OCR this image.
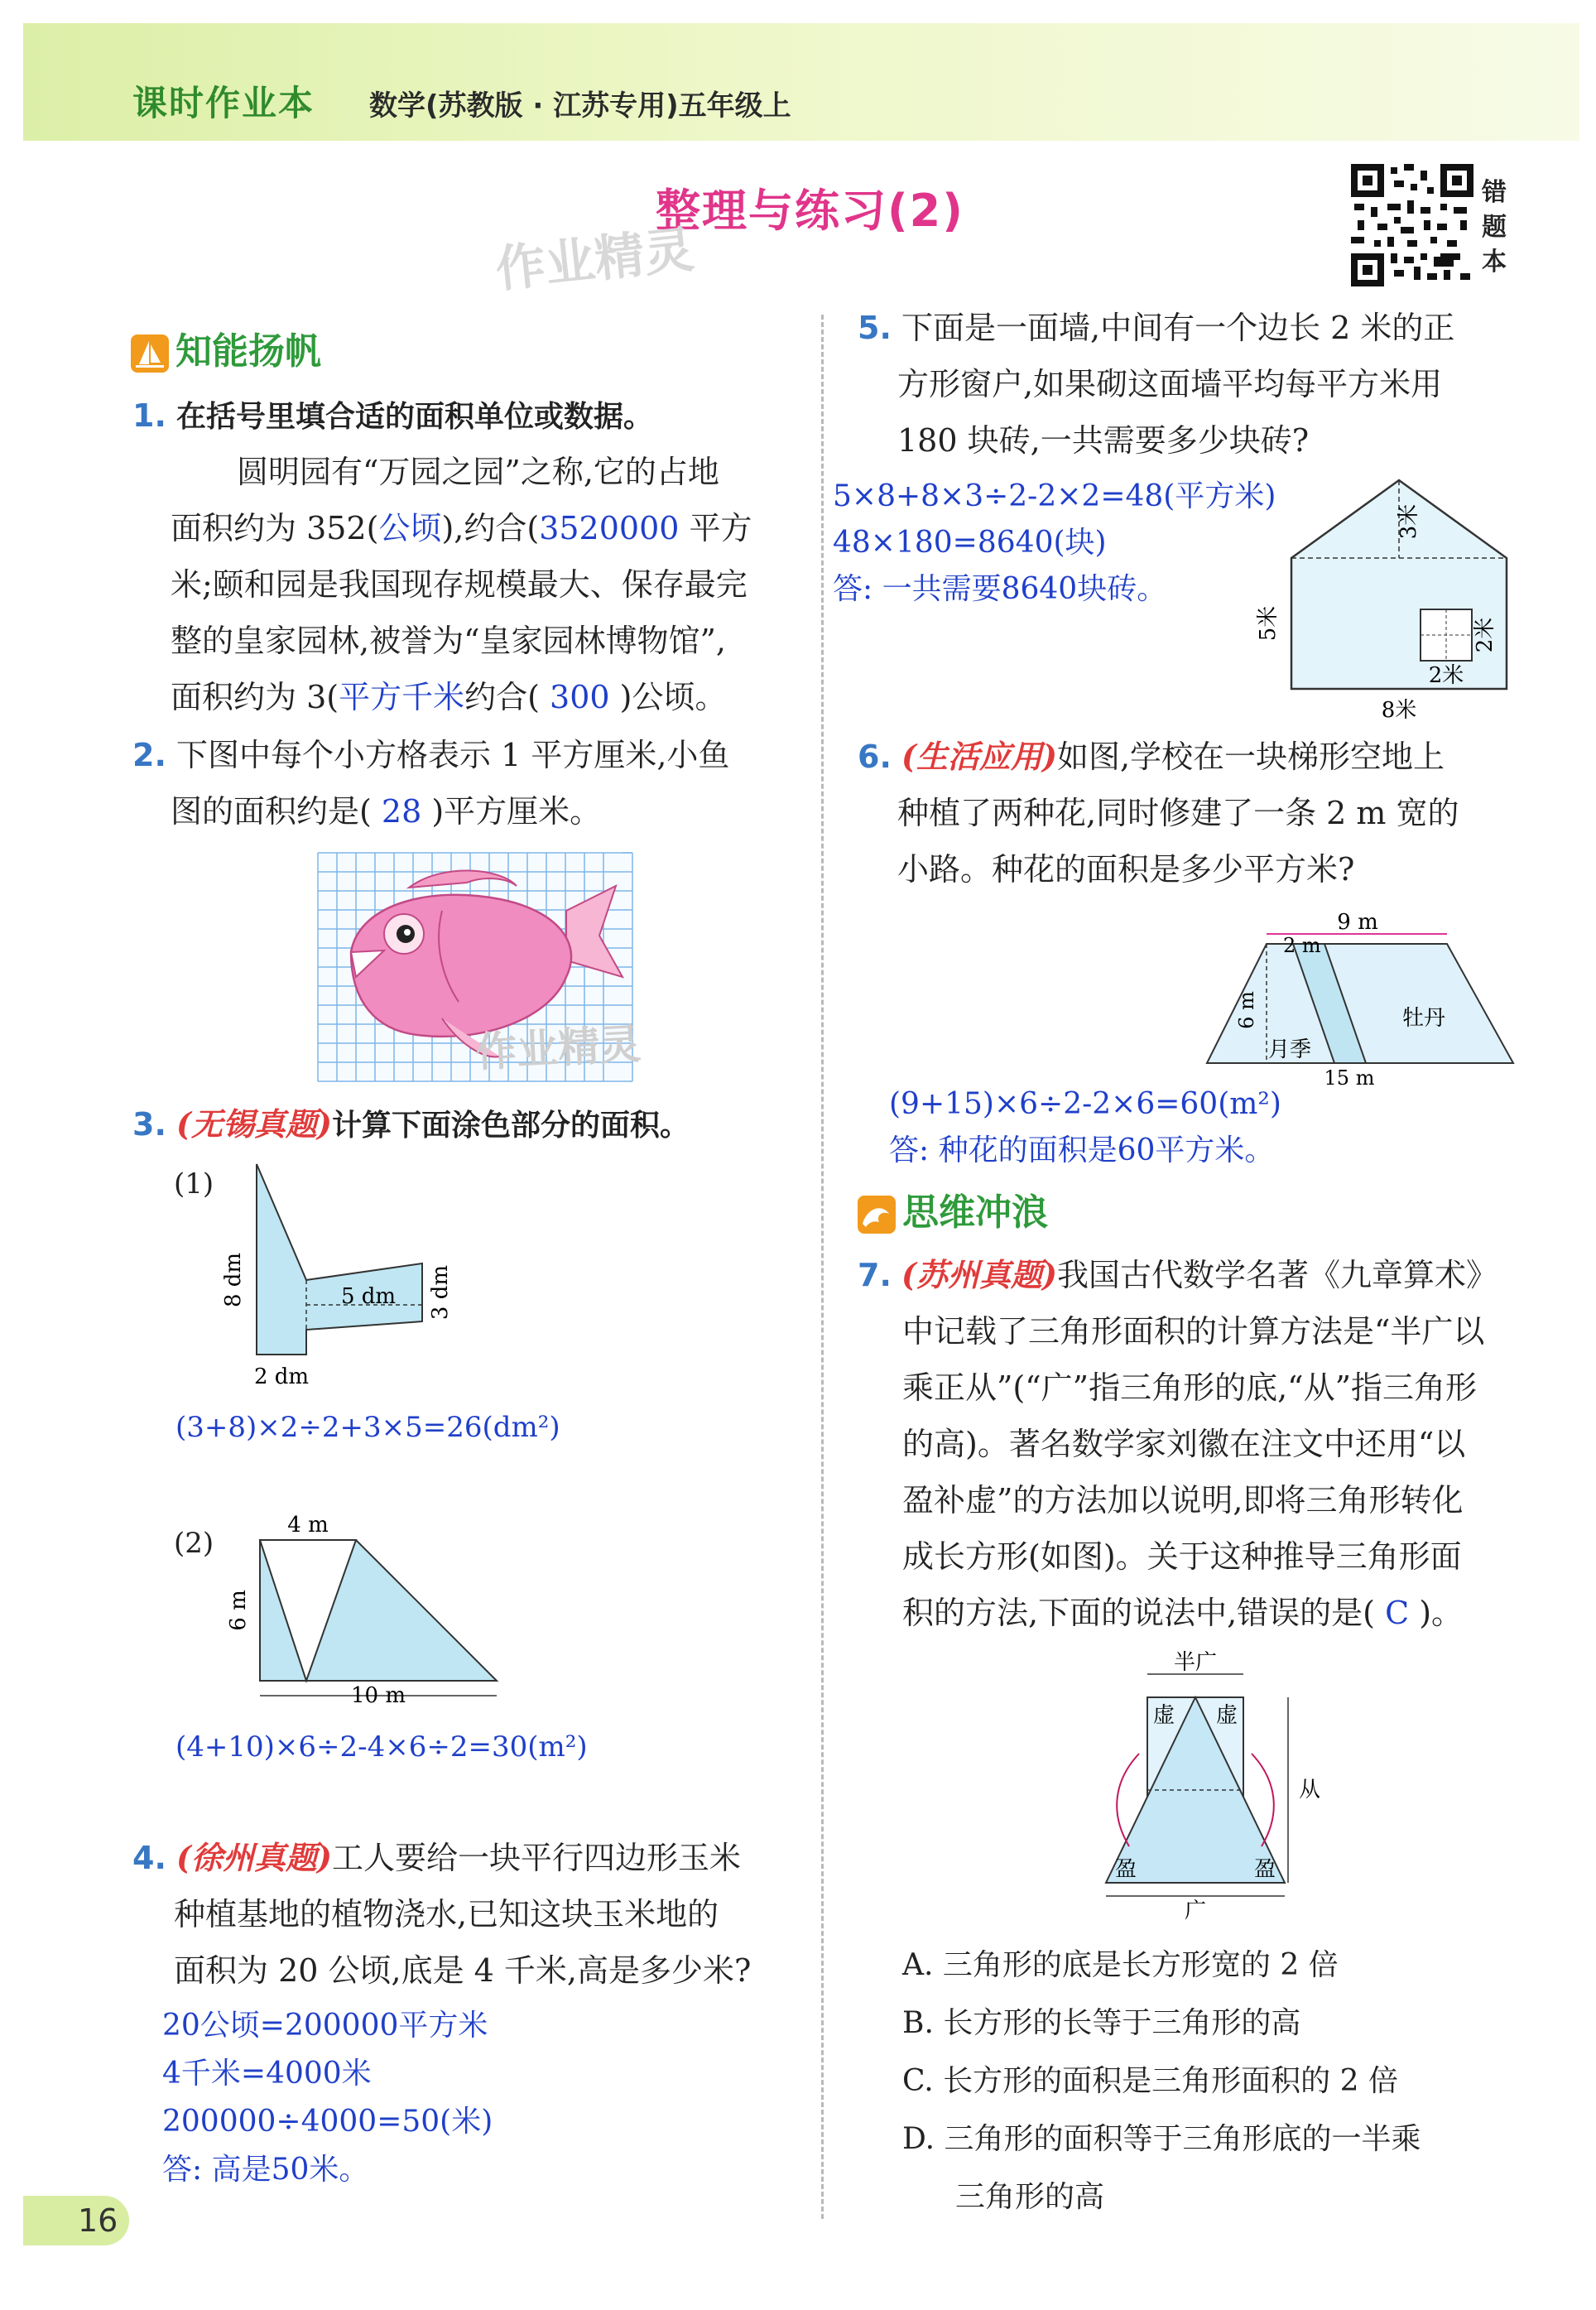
课时作业本 数学(苏教版 · 江苏专用)五年级上
整理与练习(2)
作业精灵
错
题
本
知能扬帆
1. 在括号里填合适的面积单位或数据。
圆明园有“万园之园”之称,它的占地
面积约为 352(公顷),约合(3520000 平方
米;颐和园是我国现存规模最大、保存最完
整的皇家园林,被誉为“皇家园林博物馆”,
面积约为 3(平方千米约合( 300 )公顷。
2. 下图中每个小方格表示 1 平方厘米,小鱼
图的面积约是( 28 )平方厘米。
作业精灵
3. (无锡真题)计算下面涂色部分的面积。
(1)
8 dm	5 dm 3 dm
2 dm
(3+8)×2÷2+3×5=26(dm²)
(2)
4 m
6 m
10 m
(4+10)×6÷2-4×6÷2=30(m²)
4. (徐州真题)工人要给一块平行四边形玉米
种植基地的植物浇水,已知这块玉米地的
面积为 20 公顷,底是 4 千米,高是多少米?
20公顷=200000平方米
4千米=4000米
200000÷4000=50(米)
答: 高是50米。
5. 下面是一面墙,中间有一个边长 2 米的正
方形窗户,如果砌这面墙平均每平方米用
180 块砖,一共需要多少块砖?
5×8+8×3÷2-2×2=48(平方米)
48×180=8640(块)
答: 一共需要8640块砖。
3米
5米	2米
2米
8米
6. (生活应用)如图,学校在一块梯形空地上
种植了两种花,同时修建了一条 2 m 宽的
小路。种花的面积是多少平方米?
9 m
2 m
6 m
月季
牡丹
15 m
(9+15)×6÷2-2×6=60(m²)
答: 种花的面积是60平方米。
思维冲浪
7. (苏州真题)我国古代数学名著《九章算术》
中记载了三角形面积的计算方法是“半广以
乘正从”(“广”指三角形的底,“从”指三角形
的高)。著名数学家刘徽在注文中还用“以
盈补虚”的方法加以说明,即将三角形转化
成长方形(如图)。关于这种推导三角形面
积的方法,下面的说法中,错误的是( C )。
半广
虚 虚
从
盈	盈
广
A. 三角形的底是长方形宽的 2 倍
B. 长方形的长等于三角形的高
C. 长方形的面积是三角形面积的 2 倍
D. 三角形的面积等于三角形底的一半乘
三角形的高
16
